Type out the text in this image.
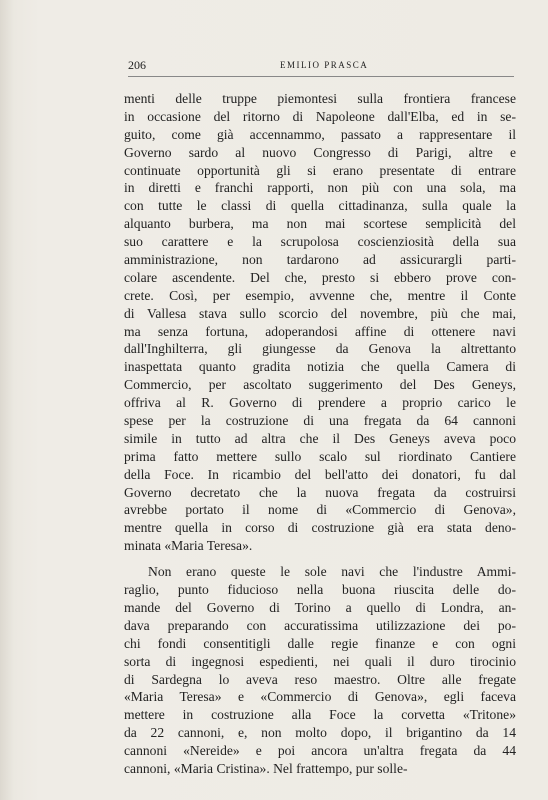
206	EMILIO PRASCA
menti delle truppe piemontesi sulla frontiera francese
in occasione del ritorno di Napoleone dall'Elba, ed in se-
guito, come già accennammo, passato a rappresentare il
Governo sardo al nuovo Congresso di Parigi, altre e
continuate opportunità gli si erano presentate di entrare
in diretti e franchi rapporti, non più con una sola, ma
con tutte le classi di quella cittadinanza, sulla quale la
alquanto burbera, ma non mai scortese semplicità del
suo carattere e la scrupolosa coscienziosità della sua
amministrazione, non tardarono ad assicurargli parti-
colare ascendente. Del che, presto si ebbero prove con-
crete. Così, per esempio, avvenne che, mentre il Conte
di Vallesa stava sullo scorcio del novembre, più che mai,
ma senza fortuna, adoperandosi affine di ottenere navi
dall'Inghilterra, gli giungesse da Genova la altrettanto
inaspettata quanto gradita notizia che quella Camera di
Commercio, per ascoltato suggerimento del Des Geneys,
offriva al R. Governo di prendere a proprio carico le
spese per la costruzione di una fregata da 64 cannoni
simile in tutto ad altra che il Des Geneys aveva poco
prima fatto mettere sullo scalo sul riordinato Cantiere
della Foce. In ricambio del bell'atto dei donatori, fu dal
Governo decretato che la nuova fregata da costruirsi
avrebbe portato il nome di «Commercio di Genova»,
mentre quella in corso di costruzione già era stata deno-
minata «Maria Teresa».
Non erano queste le sole navi che l'industre Ammi-
raglio, punto fiducioso nella buona riuscita delle do-
mande del Governo di Torino a quello di Londra, an-
dava preparando con accuratissima utilizzazione dei po-
chi fondi consentitigli dalle regie finanze e con ogni
sorta di ingegnosi espedienti, nei quali il duro tirocinio
di Sardegna lo aveva reso maestro. Oltre alle fregate
«Maria Teresa» e «Commercio di Genova», egli faceva
mettere in costruzione alla Foce la corvetta «Tritone»
da 22 cannoni, e, non molto dopo, il brigantino da 14
cannoni «Nereide» e poi ancora un'altra fregata da 44
cannoni, «Maria Cristina». Nel frattempo, pur solle-
